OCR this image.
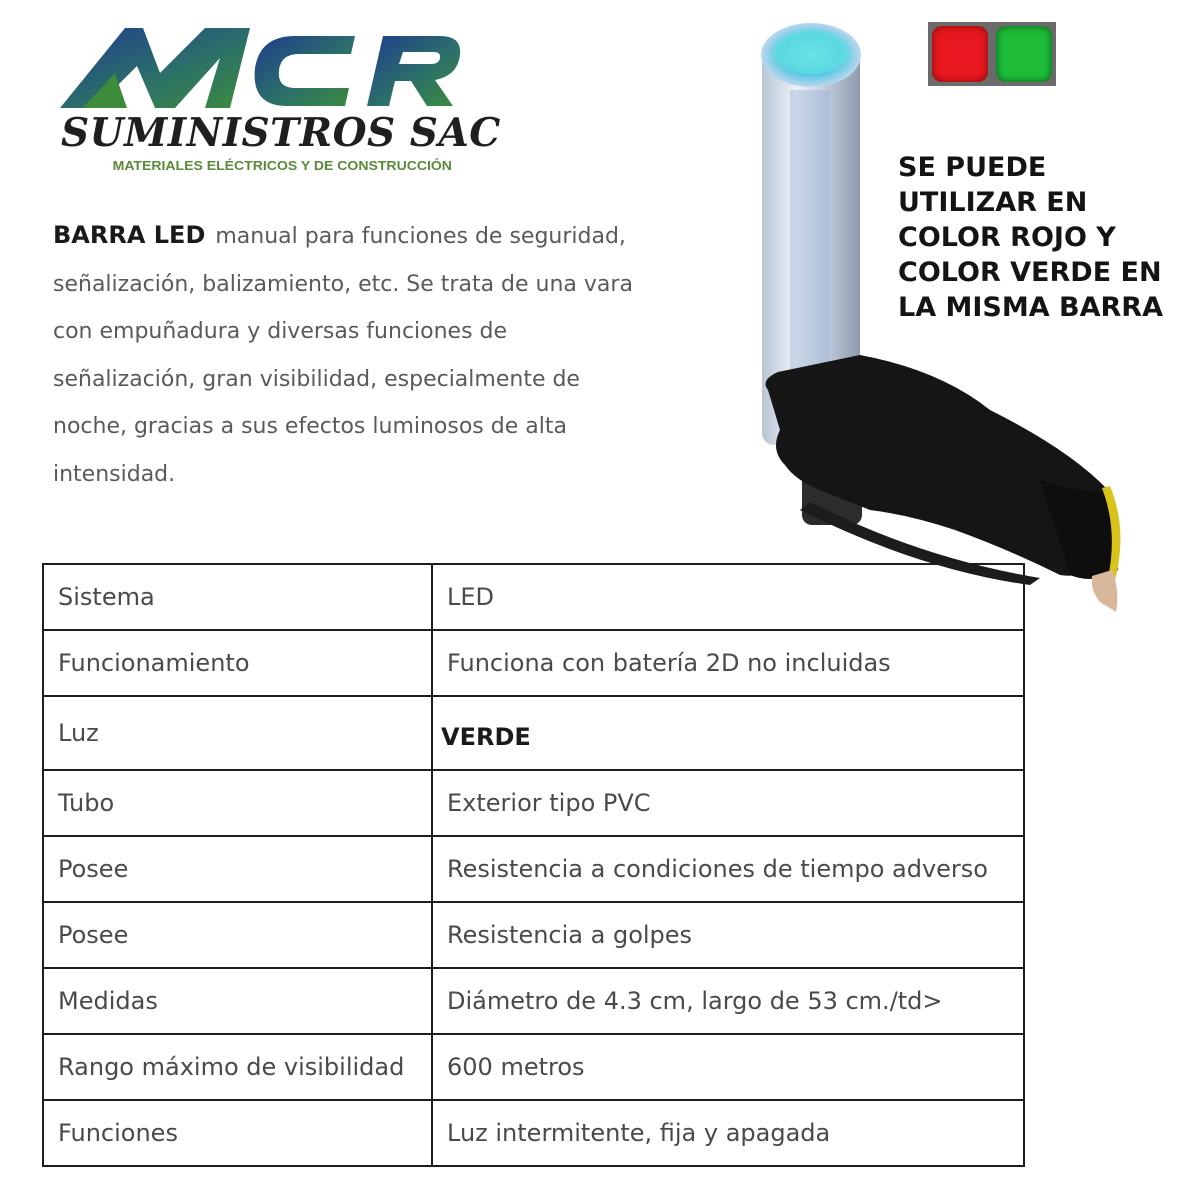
SUMINISTROS SAC
MATERIALES ELÉCTRICOS Y DE CONSTRUCCIÓN
BARRA LED manual para funciones de seguridad, señalización, balizamiento, etc. Se trata de una vara con empuñadura y diversas funciones de señalización, gran visibilidad, especialmente de noche, gracias a sus efectos luminosos de alta intensidad.
SE PUEDE UTILIZAR EN COLOR ROJO Y COLOR VERDE EN LA MISMA BARRA
Sistema	LED
Funcionamiento	Funciona con batería 2D no incluidas
Luz	VERDE
Tubo	Exterior tipo PVC
Posee	Resistencia a condiciones de tiempo adverso
Posee	Resistencia a golpes
Medidas	Diámetro de 4.3 cm, largo de 53 cm./td>
Rango máximo de visibilidad	600 metros
Funciones	Luz intermitente, fija y apagada
